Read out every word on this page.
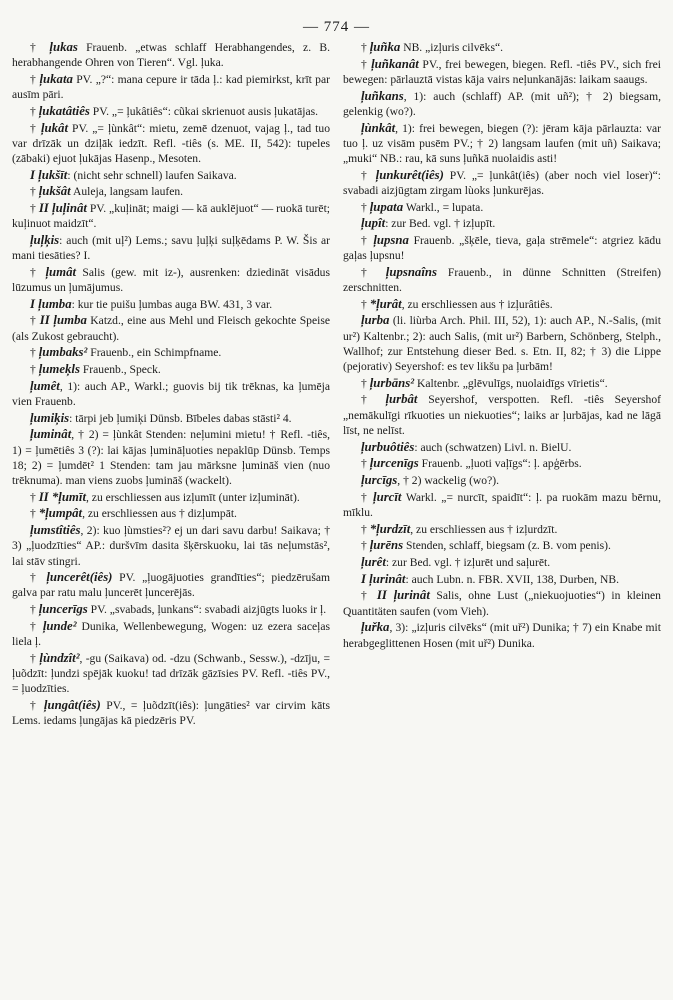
— 774 —

† ļukas Frauenb. „etwas schlaff Herabhangendes, z. B. herabhangende Ohren von Tieren“. Vgl. ļuka.

† ļukata PV. „?“: mana cepure ir tāda ļ.: kad piemirkst, krīt par ausīm pāri.

† ļukatâtiês PV. „= ļukâtiês“: cũkai skrienuot ausis ļukatājas.

† ļukât PV. „= ļùnkât“: mietu, zemē dzenuot, vajag ļ., tad tuo var drīzāk un dziļāk iedzīt. Refl. -tiês (s. ME. II, 542): tupeles (zābaki) ejuot ļukājas Hasenp., Mesoten.

I ļukšīt: (nicht sehr schnell) laufen Saikava.

† ļukšât Auleja, langsam laufen.

† II ļuļinât PV. „kuļināt; maigi — kā auklējuot“ — ruokā turēt; kuļinuot maidzīt“.

ļuļķis: auch (mit uļ²) Lems.; savu ļuļķi suļķēdams P. W. Šis ar mani tiesāties? I.

† ļumât Salis (gew. mit iz-), ausrenken: dziedināt visādus lūzumus un ļumājumus.

I ļumba: kur tie puišu ļumbas auga BW. 431, 3 var.

† II ļumba Katzd., eine aus Mehl und Fleisch gekochte Speise (als Zukost gebraucht).

† ļumbaks² Frauenb., ein Schimpfname.

† ļumeķls Frauenb., Speck.

ļumêt, 1): auch AP., Warkl.; guovis bij tik trēknas, ka ļumēja vien Frauenb.

ļumiķis: tārpi jeb ļumiķi Dünsb. Bībeles dabas stāsti² 4.

ļuminât, † 2) = ļùnkât Stenden: neļumini mietu! † Refl. -tiês, 1) = ļumētiês 3 (?): lai kājas ļumināļuoties nepaklūp Dünsb. Temps 18; 2) = ļumdēt² 1 Stenden: tam jau mārksne ļumināš vien (nuo trēknuma). man viens zuobs ļumināš (wackelt).

† II *ļumīt, zu erschliessen aus izļumīt (unter izļumināt).

† *ļumpât, zu erschliessen aus † dizļumpāt.

ļumstîtiês, 2): kuo ļùmsties²? ej un dari savu darbu! Saikava; † 3) „ļuodzīties“ AP.: duršvīm dasita šķērskuoku, lai tās neļumstās², lai stāv stingri.

† ļuncerêt(iês) PV. „ļuogājuoties grandīties“; piedzērušam galva par ratu malu ļuncerēt ļuncerējās.

† ļuncerīgs PV. „svabads, ļunkans“: svabadi aizjūgts luoks ir ļ.

† ļunde² Dunika, Wellenbewegung, Wogen: uz ezera saceļas liela ļ.

† ļùndzît², -gu (Saikava) od. -dzu (Schwanb., Sessw.), -dzīju, = ļuõdzīt: ļundzi spējāk kuoku! tad drīzāk gāzīsies PV. Refl. -tiês PV., = ļuodzīties.

† ļungât(iês) PV., = ļuõdzīt(iês): ļungāties² var cirvim kāts Lems. iedams ļungājas kā piedzēris PV.

† ļuñka NB. „izļuris cilvēks“.

† ļuñkanât PV., frei bewegen, biegen. Refl. -tiês PV., sich frei bewegen: pārlauztā vistas kāja vairs neļunkanājās: laikam saaugs.

ļuñkans, 1): auch (schlaff) AP. (mit uñ²); † 2) biegsam, gelenkig (wo?).

ļùnkât, 1): frei bewegen, biegen (?): jēram kāja pārlauzta: var tuo ļ. uz visām pusēm PV.; † 2) langsam laufen (mit uñ) Saikava; „muki“ NB.: rau, kā suns ļuñkā nuolaidis asti!

† ļunkurêt(iês) PV. „= ļunkât(iês) (aber noch viel loser)“: svabadi aizjūgtam zirgam lùoks ļunkurējas.

† ļupata Warkl., = lupata.

ļupît: zur Bed. vgl. † izļupīt.

† ļupsna Frauenb. „šķēle, tieva, gaļa strēmele“: atgriez kādu gaļas ļupsnu!

† ļupsnaîns Frauenb., in dünne Schnitten (Streifen) zerschnitten.

† *ļurât, zu erschliessen aus † izļurâtiês.

ļurba (li. liùrba Arch. Phil. III, 52), 1): auch AP., N.-Salis, (mit ur²) Kaltenbr.; 2): auch Salis, (mit ur²) Barbern, Schönberg, Stelph., Wallhof; zur Entstehung dieser Bed. s. Etn. II, 82; † 3) die Lippe (pejorativ) Seyershof: es tev likšu pa ļurbām!

† ļurbāns² Kaltenbr. „glēvulīgs, nuolaidīgs vīrietis“.

† ļurbât Seyershof, verspotten. Refl. -tiês Seyershof „nemākulīgi rīkuoties un niekuoties“; laiks ar ļurbājas, kad ne lāgā līst, ne nelīst.

ļurbuôtiês: auch (schwatzen) Livl. n. BielU.

† ļurcenīgs Frauenb. „ļuoti vaļīgs“: ļ. apģērbs.

ļurcīgs, † 2) wackelig (wo?).

† ļurcīt Warkl. „= nurcīt, spaidīt“: ļ. pa ruokām mazu bērnu, mīklu.

† *ļurdzīt, zu erschliessen aus † izļurdzīt.

† ļurēns Stenden, schlaff, biegsam (z. B. vom penis).

ļurêt: zur Bed. vgl. † izļurēt und saļurēt.

I ļurinât: auch Lubn. n. FBR. XVII, 138, Durben, NB.

† II ļurinât Salis, ohne Lust („niekuojuoties“) in kleinen Quantitäten saufen (vom Vieh).

ļuřka, 3): „izļuris cilvēks“ (mit uř²) Dunika; † 7) ein Knabe mit herabgeglittenen Hosen (mit uř²) Dunika.
